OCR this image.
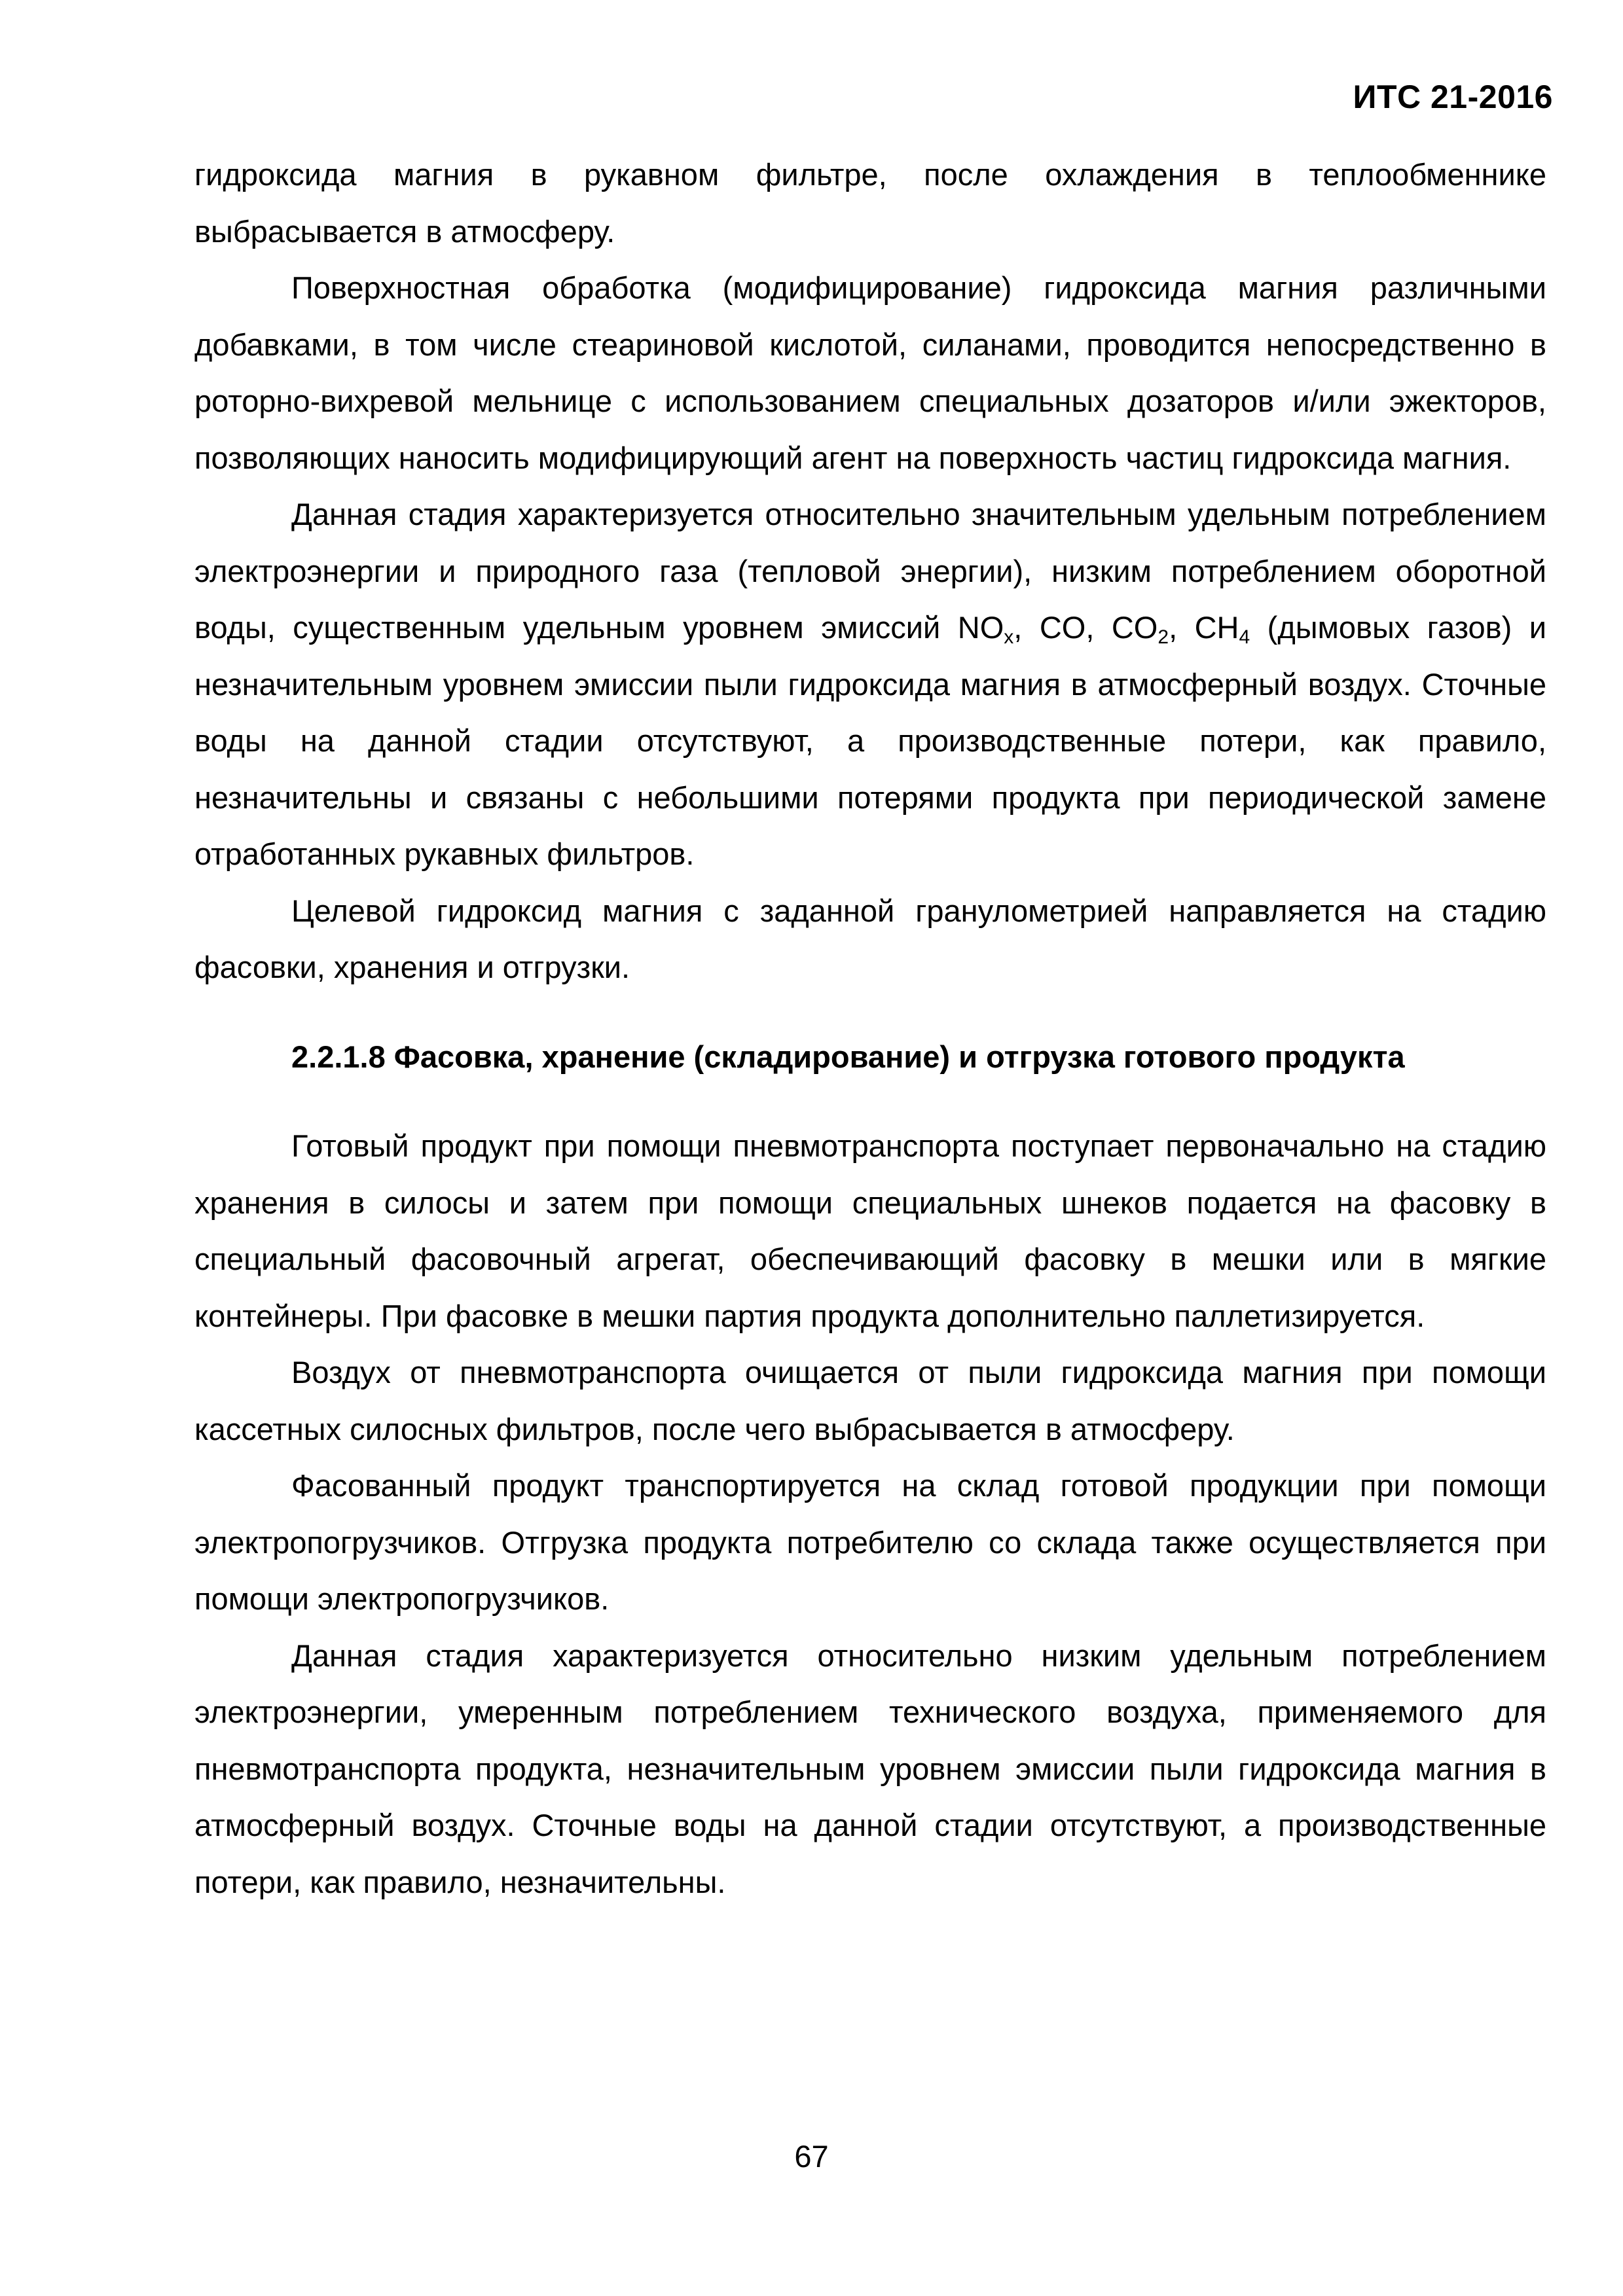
ИТС 21-2016

гидроксида магния в рукавном фильтре, после охлаждения в теплообменнике выбрасывается в атмосферу.

Поверхностная обработка (модифицирование) гидроксида магния различными добавками, в том числе стеариновой кислотой, силанами, проводится непосредственно в роторно-вихревой мельнице с использованием специальных дозаторов и/или эжекторов, позволяющих наносить модифицирующий агент на поверхность частиц гидроксида магния.

Данная стадия характеризуется относительно значительным удельным потреблением электроэнергии и природного газа (тепловой энергии), низким потреблением оборотной воды, существенным удельным уровнем эмиссий $NO_x$, CO, $CO_2$, $CH_4$ (дымовых газов) и незначительным уровнем эмиссии пыли гидроксида магния в атмосферный воздух. Сточные воды на данной стадии отсутствуют, а производственные потери, как правило, незначительны и связаны с небольшими потерями продукта при периодической замене отработанных рукавных фильтров.

Целевой гидроксид магния с заданной гранулометрией направляется на стадию фасовки, хранения и отгрузки.

2.2.1.8 Фасовка, хранение (складирование) и отгрузка готового продукта

Готовый продукт при помощи пневмотранспорта поступает первоначально на стадию хранения в силосы и затем при помощи специальных шнеков подается на фасовку в специальный фасовочный агрегат, обеспечивающий фасовку в мешки или в мягкие контейнеры. При фасовке в мешки партия продукта дополнительно паллетизируется.

Воздух от пневмотранспорта очищается от пыли гидроксида магния при помощи кассетных силосных фильтров, после чего выбрасывается в атмосферу.

Фасованный продукт транспортируется на склад готовой продукции при помощи электропогрузчиков. Отгрузка продукта потребителю со склада также осуществляется при помощи электропогрузчиков.

Данная стадия характеризуется относительно низким удельным потреблением электроэнергии, умеренным потреблением технического воздуха, применяемого для пневмотранспорта продукта, незначительным уровнем эмиссии пыли гидроксида магния в атмосферный воздух. Сточные воды на данной стадии отсутствуют, а производственные потери, как правило, незначительны.

67
